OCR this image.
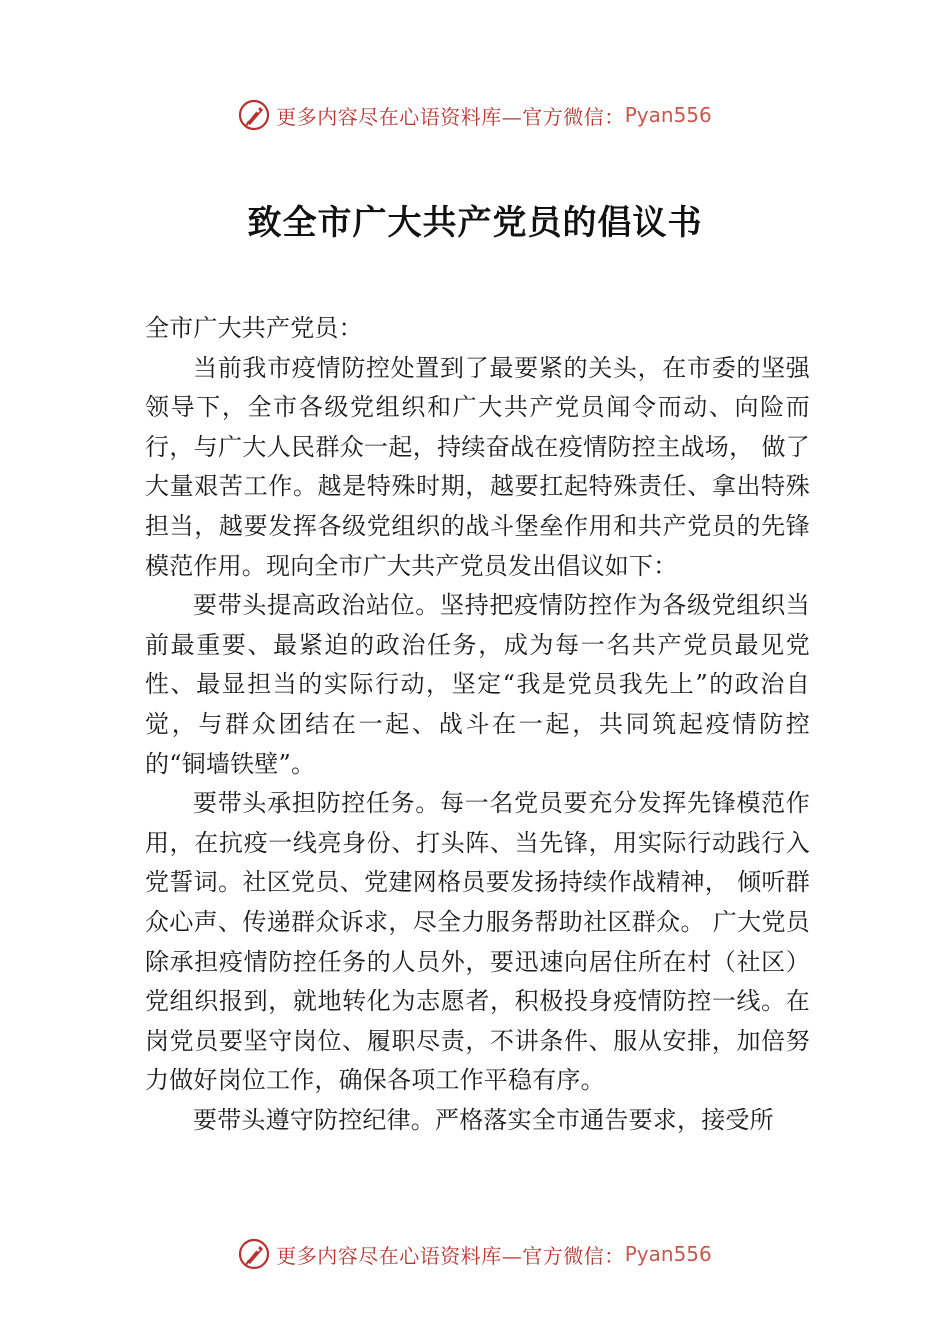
更多内容尽在心语资料库—官方微信： Pyan556
致全市广大共产党员的倡议书

全市广大共产党员：

当前我市疫情防控处置到了最要紧的关头，在市委的坚强领导下，全市各级党组织和广大共产党员闻令而动、向险而行，与广大人民群众一起，持续奋战在疫情防控主战场， 做了大量艰苦工作。越是特殊时期，越要扛起特殊责任、拿出特殊担当，越要发挥各级党组织的战斗堡垒作用和共产党员的先锋模范作用。现向全市广大共产党员发出倡议如下：

要带头提高政治站位。坚持把疫情防控作为各级党组织当前最重要、最紧迫的政治任务，成为每一名共产党员最见党性、最显担当的实际行动，坚定“我是党员我先上”的政治自觉，与群众团结在一起、战斗在一起，共同筑起疫情防控的“铜墙铁壁”。

要带头承担防控任务。每一名党员要充分发挥先锋模范作用，在抗疫一线亮身份、打头阵、当先锋，用实际行动践行入党誓词。社区党员、党建网格员要发扬持续作战精神， 倾听群众心声、传递群众诉求，尽全力服务帮助社区群众。 广大党员除承担疫情防控任务的人员外，要迅速向居住所在村（社区）党组织报到，就地转化为志愿者，积极投身疫情防控一线。在岗党员要坚守岗位、履职尽责，不讲条件、服从安排，加倍努力做好岗位工作，确保各项工作平稳有序。

要带头遵守防控纪律。严格落实全市通告要求，接受所

更多内容尽在心语资料库—官方微信： Pyan556
